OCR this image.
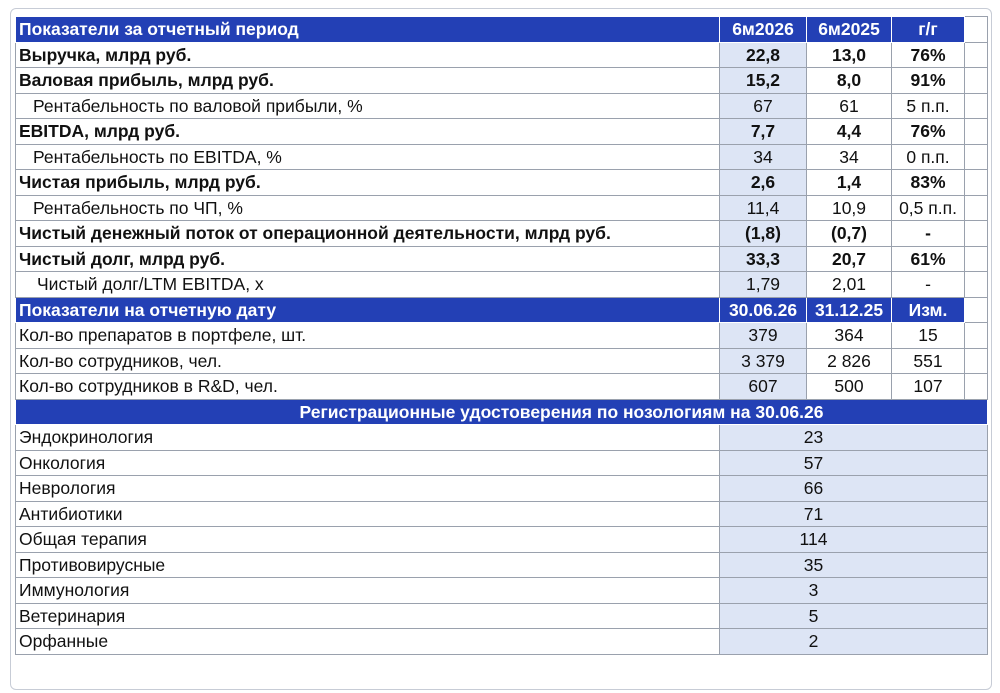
Показатели за отчетный период	6м2026	6м2025	г/г	
Выручка, млрд руб.	22,8	13,0	76%	
Валовая прибыль, млрд руб.	15,2	8,0	91%	
Рентабельность по валовой прибыли, %	67	61	5 п.п.	
EBITDA, млрд руб.	7,7	4,4	76%	
Рентабельность по EBITDA, %	34	34	0 п.п.	
Чистая прибыль, млрд руб.	2,6	1,4	83%	
Рентабельность по ЧП, %	11,4	10,9	0,5 п.п.	
Чистый денежный поток от операционной деятельности, млрд руб.	(1,8)	(0,7)	-	
Чистый долг, млрд руб.	33,3	20,7	61%	
Чистый долг/LTM EBITDA, x	1,79	2,01	-	
Показатели на отчетную дату	30.06.26	31.12.25	Изм.	
Кол-во препаратов в портфеле, шт.	379	364	15	
Кол-во сотрудников, чел.	3 379	2 826	551	
Кол-во сотрудников в R&D, чел.	607	500	107	
Регистрационные удостоверения по нозологиям на 30.06.26				
Эндокринология	23			
Онкология	57			
Неврология	66			
Антибиотики	71			
Общая терапия	114			
Противовирусные	35			
Иммунология	3			
Ветеринария	5			
Орфанные	2			
